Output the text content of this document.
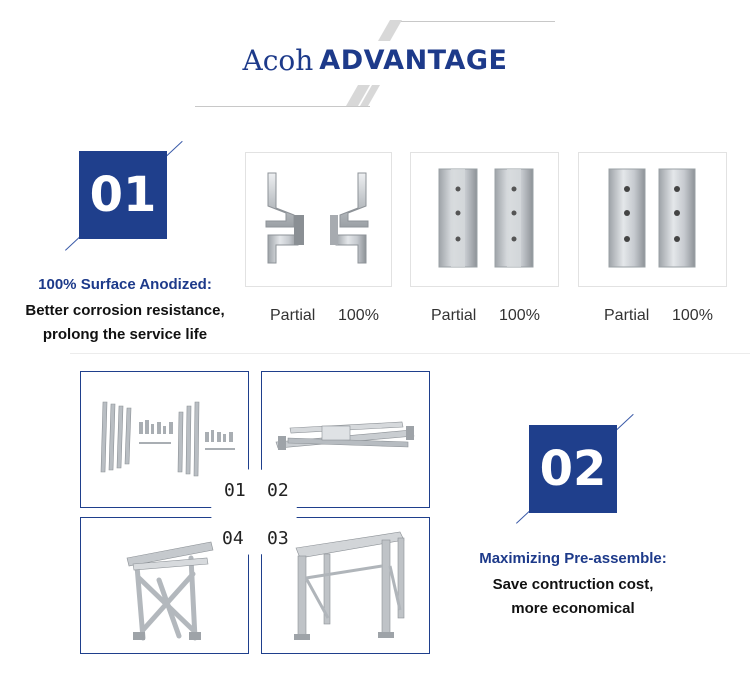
Acoh ADVANTAGE
01
100% Surface Anodized:
Better corrosion resistance,
prolong the service life
Partial 100%	Partial 100%	Partial 100%
01 02
04 03
02
Maximizing Pre-assemble:
Save contruction cost,
more economical
